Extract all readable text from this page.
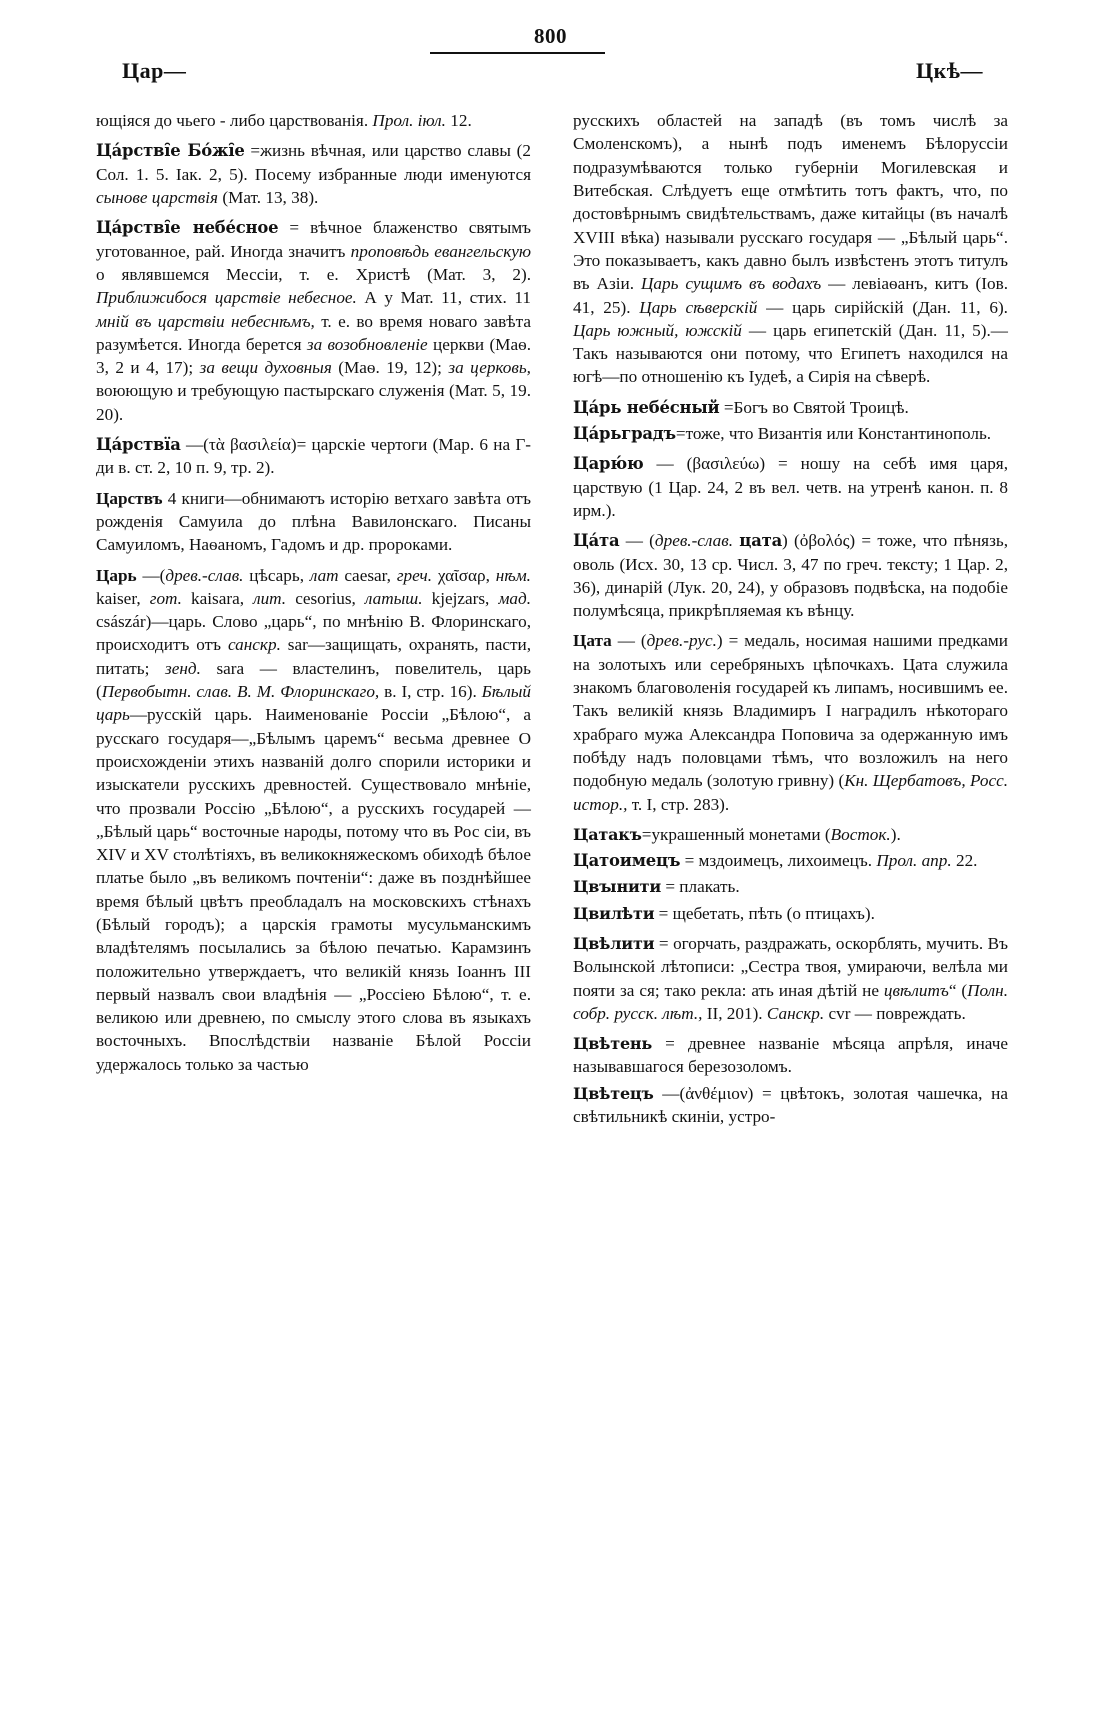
800
Цар—	Цкѣ—

ющіяся до чьего - либо царствованія. Прол. іюл. 12.

Ца́рстві̑е Бо́жі̑е =жизнь вѣчная, или царство славы (2 Сол. 1. 5. Іак. 2, 5). Посему избранные люди именуются сынове царствія (Мат. 13, 38).

Ца́рстві̑е небе́сное = вѣчное блаженство святымъ уготованное, рай. Иногда значитъ проповѣдь евангельскую о являвшемся Мессіи, т. е. Христѣ (Мат. 3, 2). Приближибося царствіе небесное. А у Мат. 11, стих. 11 мній въ царствіи небеснѣмъ, т. е. во время новаго завѣта разумѣется. Иногда берется за возобновленіе церкви (Маѳ. 3, 2 и 4, 17); за вещи духовныя (Маѳ. 19, 12); за церковь, воюющую и требующую пастырскаго служенія (Мат. 5, 19. 20).

Ца́рствїа —(τὰ βασιλεία)= царскіе чертоги (Мар. 6 на Г-ди в. ст. 2, 10 п. 9, тр. 2).

Царствъ 4 книги—обнимаютъ исторію ветхаго завѣта отъ рожденія Самуила до плѣна Вавилонскаго. Писаны Самуиломъ, Наѳаномъ, Гадомъ и др. пророками.

Царь —(древ.-слав. цѣсарь, лат caesar, греч. χαῖσαρ, нѣм. kaiser, гот. kaisara, лит. cesorius, латыш. kjejzars, мад. császár)—царь. Слово „царь“, по мнѣнію В. Флоринскаго, происходитъ отъ санскр. sar—защищать, охранять, пасти, питать; зенд. sara — властелинъ, повелитель, царь (Первобытн. слав. В. М. Флоринскаго, в. I, стр. 16). Бѣлый царь—русскій царь. Наименованіе Россіи „Бѣлою“, а русскаго государя—„Бѣлымъ царемъ“ весьма древнее О происхожденіи этихъ названій долго спорили историки и изыскатели русскихъ древностей. Существовало мнѣніе, что прозвали Россію „Бѣлою“, а русскихъ государей — „Бѣлый царь“ восточные народы, потому что въ Рос сіи, въ XIV и XV столѣтіяхъ, въ великокняжескомъ обиходѣ бѣлое платье было „въ великомъ почтеніи“: даже въ позднѣйшее время бѣлый цвѣтъ преобладалъ на московскихъ стѣнахъ (Бѣлый городъ); а царскія грамоты мусульманскимъ владѣтелямъ посылались за бѣлою печатью. Карамзинъ положительно утверждаетъ, что великій князь Іоаннъ III первый назвалъ свои владѣнія — „Россіею Бѣлою“, т. е. великою или древнею, по смыслу этого слова въ языкахъ восточныхъ. Впослѣдствіи названіе Бѣлой Россіи удержалось только за частью

русскихъ областей на западѣ (въ томъ числѣ за Смоленскомъ), а нынѣ подъ именемъ Бѣлоруссіи подразумѣваются только губерніи Могилевская и Витебская. Слѣдуетъ еще отмѣтить тотъ фактъ, что, по достовѣрнымъ свидѣтельствамъ, даже китайцы (въ началѣ XVIII вѣка) называли русскаго государя — „Бѣлый царь“. Это показываетъ, какъ давно былъ извѣстенъ этотъ титулъ въ Азіи. Царь сущимъ въ водахъ — левіаѳанъ, китъ (Іов. 41, 25). Царь сѣверскій — царь сирійскій (Дан. 11, 6). Царь южный, южскій — царь египетскій (Дан. 11, 5).— Такъ называются они потому, что Египетъ находился на югѣ—по отношенію къ Іудеѣ, а Сирія на сѣверѣ.

Ца́рь небе́сный =Богъ во Святой Троицѣ.

Ца́рьградъ=тоже, что Византія или Константинополь.

Царю́ю — (βασιλεύω) = ношу на себѣ имя царя, царствую (1 Цар. 24, 2 въ вел. четв. на утренѣ канон. п. 8 ирм.).

Ца́та — (древ.-слав. цата) (ὀβολός) = тоже, что пѣнязь, оволь (Исх. 30, 13 ср. Числ. 3, 47 по греч. тексту; 1 Цар. 2, 36), динарій (Лук. 20, 24), у образовъ подвѣска, на подобіе полумѣсяца, прикрѣпляемая къ вѣнцу.

Цата — (древ.-рус.) = медаль, носимая нашими предками на золотыхъ или серебряныхъ цѣпочкахъ. Цата служила знакомъ благоволенія государей къ липамъ, носившимъ ее. Такъ великій князь Владимиръ I наградилъ нѣкотораго храбраго мужа Александра Поповича за одержанную имъ побѣду надъ половцами тѣмъ, что возложилъ на него подобную медаль (золотую гривну) (Кн. Щербатовъ, Росс. истор., т. I, стр. 283).

Цатакъ=украшенный монетами (Восток.).

Цатоимецъ = мздоимецъ, лихоимецъ. Прол. апр. 22.

Цвꙑнити = плакать.

Цвилѣти = щебетать, пѣть (о птицахъ).

Цвѣлити = огорчать, раздражать, оскорблять, мучить. Въ Волынской лѣтописи: „Сестра твоя, умираючи, велѣла ми пояти за ся; тако рекла: ать иная дѣтій не цвѣлитъ“ (Полн. собр. русск. лѣт., II, 201). Санскр. cvr — повреждать.

Цвѣтень = древнее названіе мѣсяца апрѣля, иначе называвшагося березозоломъ.

Цвѣтецъ —(ἀνθέμιον) = цвѣтокъ, золотая чашечка, на свѣтильникѣ скиніи, устро-
